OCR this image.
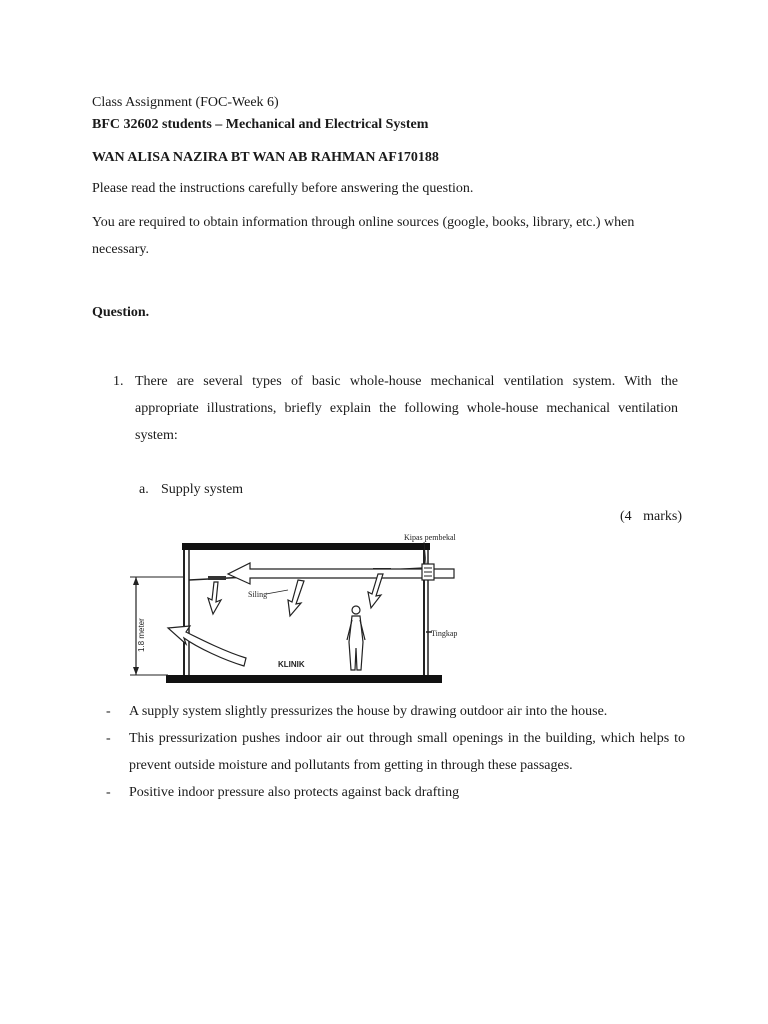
Class Assignment (FOC-Week 6)
BFC 32602 students – Mechanical and Electrical System
WAN ALISA NAZIRA BT WAN AB RAHMAN AF170188
Please read the instructions carefully before answering the question.
You are required to obtain information through online sources (google, books, library, etc.) when necessary.
Question.
1. There are several types of basic whole-house mechanical ventilation system. With the appropriate illustrations, briefly explain the following whole-house mechanical ventilation system:
a. Supply system
(4 marks)
1.8 meter
Kipas pembekal
Siling
Tingkap
KLINIK
- A supply system slightly pressurizes the house by drawing outdoor air into the house.
- This pressurization pushes indoor air out through small openings in the building, which helps to prevent outside moisture and pollutants from getting in through these passages.
- Positive indoor pressure also protects against back drafting
